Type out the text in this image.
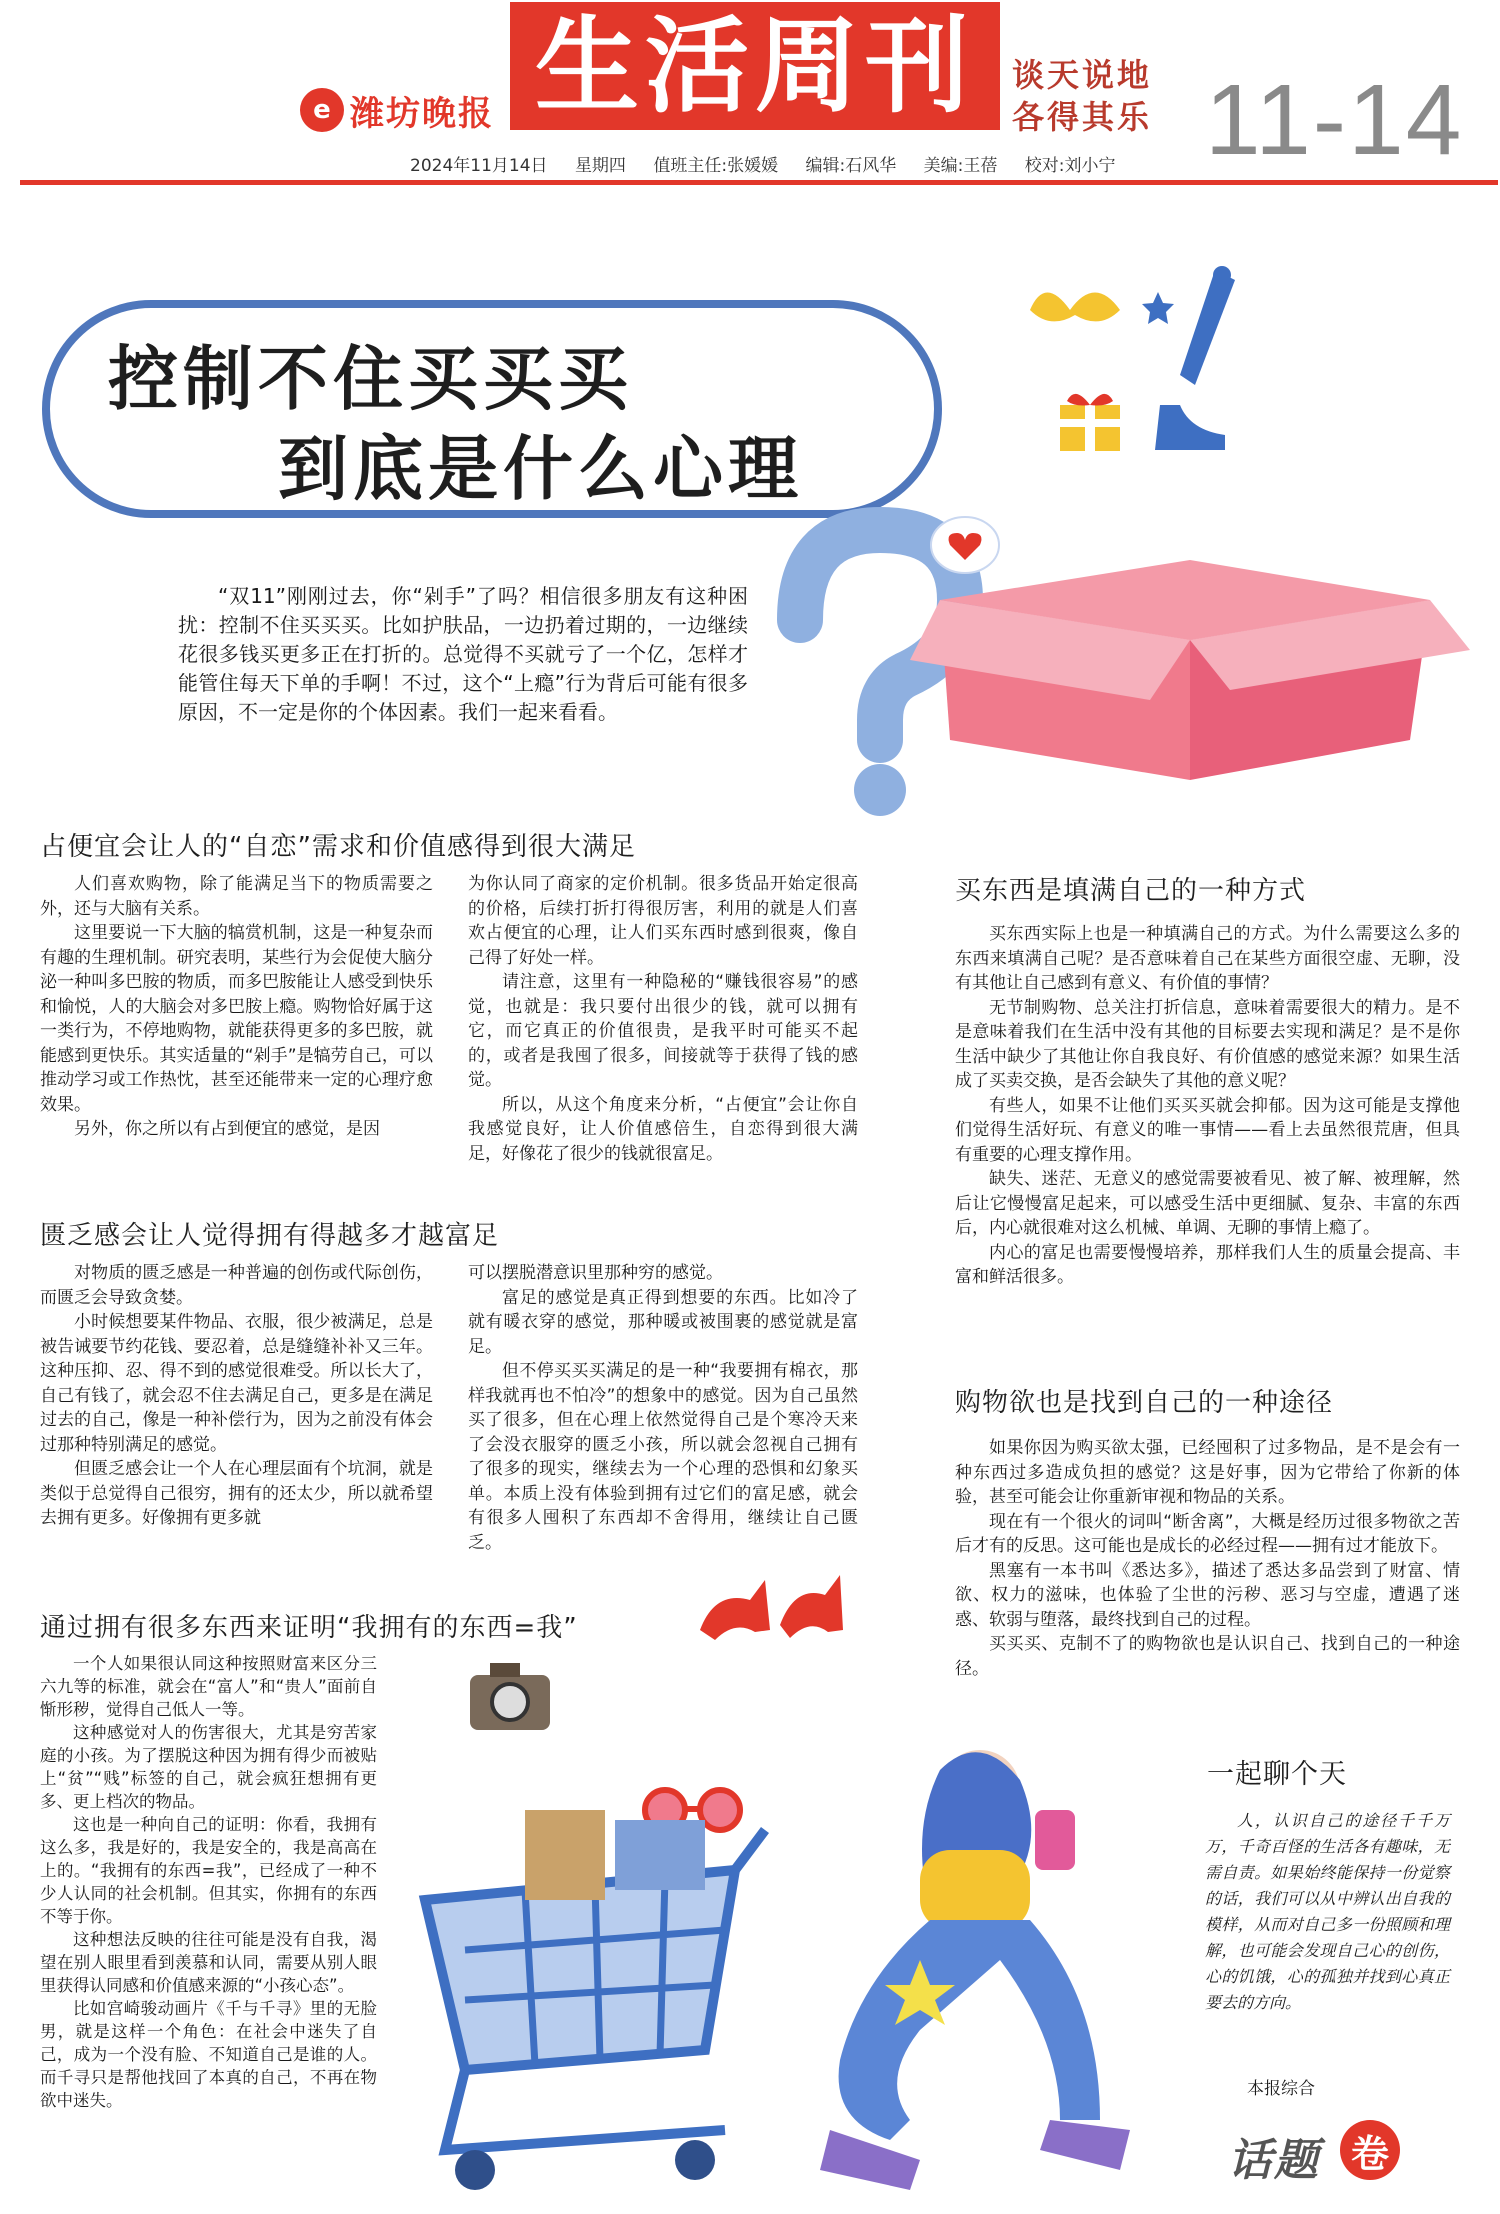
e 潍坊晚报 生活周刊	谈天说地
各得其乐 11-14
2024年11月14日 星期四 值班主任:张媛媛 编辑:石风华 美编:王蓓 校对:刘小宁
控制不住买买买
到底是什么心理
“双11”刚刚过去，你“剁手”了吗？相信很多朋友有这种困扰：控制不住买买买。比如护肤品，一边扔着过期的，一边继续花很多钱买更多正在打折的。总觉得不买就亏了一个亿，怎样才能管住每天下单的手啊！不过，这个“上瘾”行为背后可能有很多原因，不一定是你的个体因素。我们一起来看看。
占便宜会让人的“自恋”需求和价值感得到很大满足

人们喜欢购物，除了能满足当下的物质需要之外，还与大脑有关系。

这里要说一下大脑的犒赏机制，这是一种复杂而有趣的生理机制。研究表明，某些行为会促使大脑分泌一种叫多巴胺的物质，而多巴胺能让人感受到快乐和愉悦，人的大脑会对多巴胺上瘾。购物恰好属于这一类行为，不停地购物，就能获得更多的多巴胺，就能感到更快乐。其实适量的“剁手”是犒劳自己，可以推动学习或工作热忱，甚至还能带来一定的心理疗愈效果。

另外，你之所以有占到便宜的感觉，是因

为你认同了商家的定价机制。很多货品开始定很高的价格，后续打折打得很厉害，利用的就是人们喜欢占便宜的心理，让人们买东西时感到很爽，像自己得了好处一样。

请注意，这里有一种隐秘的“赚钱很容易”的感觉，也就是：我只要付出很少的钱，就可以拥有它，而它真正的价值很贵，是我平时可能买不起的，或者是我囤了很多，间接就等于获得了钱的感觉。

所以，从这个角度来分析，“占便宜”会让你自我感觉良好，让人价值感倍生，自恋得到很大满足，好像花了很少的钱就很富足。

匮乏感会让人觉得拥有得越多才越富足

对物质的匮乏感是一种普遍的创伤或代际创伤，而匮乏会导致贪婪。

小时候想要某件物品、衣服，很少被满足，总是被告诫要节约花钱、要忍着，总是缝缝补补又三年。这种压抑、忍、得不到的感觉很难受。所以长大了，自己有钱了，就会忍不住去满足自己，更多是在满足过去的自己，像是一种补偿行为，因为之前没有体会过那种特别满足的感觉。

但匮乏感会让一个人在心理层面有个坑洞，就是类似于总觉得自己很穷，拥有的还太少，所以就希望去拥有更多。好像拥有更多就

可以摆脱潜意识里那种穷的感觉。

富足的感觉是真正得到想要的东西。比如冷了就有暖衣穿的感觉，那种暖或被围裹的感觉就是富足。

但不停买买买满足的是一种“我要拥有棉衣，那样我就再也不怕冷”的想象中的感觉。因为自己虽然买了很多，但在心理上依然觉得自己是个寒冷天来了会没衣服穿的匮乏小孩，所以就会忽视自己拥有了很多的现实，继续去为一个心理的恐惧和幻象买单。本质上没有体验到拥有过它们的富足感，就会有很多人囤积了东西却不舍得用，继续让自己匮乏。

通过拥有很多东西来证明“我拥有的东西=我”

一个人如果很认同这种按照财富来区分三六九等的标准，就会在“富人”和“贵人”面前自惭形秽，觉得自己低人一等。

这种感觉对人的伤害很大，尤其是穷苦家庭的小孩。为了摆脱这种因为拥有得少而被贴上“贫”“贱”标签的自己，就会疯狂想拥有更多、更上档次的物品。

这也是一种向自己的证明：你看，我拥有这么多，我是好的，我是安全的，我是高高在上的。“我拥有的东西=我”，已经成了一种不少人认同的社会机制。但其实，你拥有的东西不等于你。

这种想法反映的往往可能是没有自我，渴望在别人眼里看到羡慕和认同，需要从别人眼里获得认同感和价值感来源的“小孩心态”。

比如宫崎骏动画片《千与千寻》里的无脸男，就是这样一个角色：在社会中迷失了自己，成为一个没有脸、不知道自己是谁的人。而千寻只是帮他找回了本真的自己，不再在物欲中迷失。

买东西是填满自己的一种方式

买东西实际上也是一种填满自己的方式。为什么需要这么多的东西来填满自己呢？是否意味着自己在某些方面很空虚、无聊，没有其他让自己感到有意义、有价值的事情？

无节制购物、总关注打折信息，意味着需要很大的精力。是不是意味着我们在生活中没有其他的目标要去实现和满足？是不是你生活中缺少了其他让你自我良好、有价值感的感觉来源？如果生活成了买卖交换，是否会缺失了其他的意义呢？

有些人，如果不让他们买买买就会抑郁。因为这可能是支撑他们觉得生活好玩、有意义的唯一事情——看上去虽然很荒唐，但具有重要的心理支撑作用。

缺失、迷茫、无意义的感觉需要被看见、被了解、被理解，然后让它慢慢富足起来，可以感受生活中更细腻、复杂、丰富的东西后，内心就很难对这么机械、单调、无聊的事情上瘾了。

内心的富足也需要慢慢培养，那样我们人生的质量会提高、丰富和鲜活很多。

购物欲也是找到自己的一种途径

如果你因为购买欲太强，已经囤积了过多物品，是不是会有一种东西过多造成负担的感觉？这是好事，因为它带给了你新的体验，甚至可能会让你重新审视和物品的关系。

现在有一个很火的词叫“断舍离”，大概是经历过很多物欲之苦后才有的反思。这可能也是成长的必经过程——拥有过才能放下。

黑塞有一本书叫《悉达多》，描述了悉达多品尝到了财富、情欲、权力的滋味，也体验了尘世的污秽、恶习与空虚，遭遇了迷惑、软弱与堕落，最终找到自己的过程。

买买买、克制不了的购物欲也是认识自己、找到自己的一种途径。

一起聊个天

人，认识自己的途径千千万万，千奇百怪的生活各有趣味，无需自责。如果始终能保持一份觉察的话，我们可以从中辨认出自我的模样，从而对自己多一份照顾和理解，也可能会发现自己心的创伤，心的饥饿，心的孤独并找到心真正要去的方向。

本报综合
话题 卷
